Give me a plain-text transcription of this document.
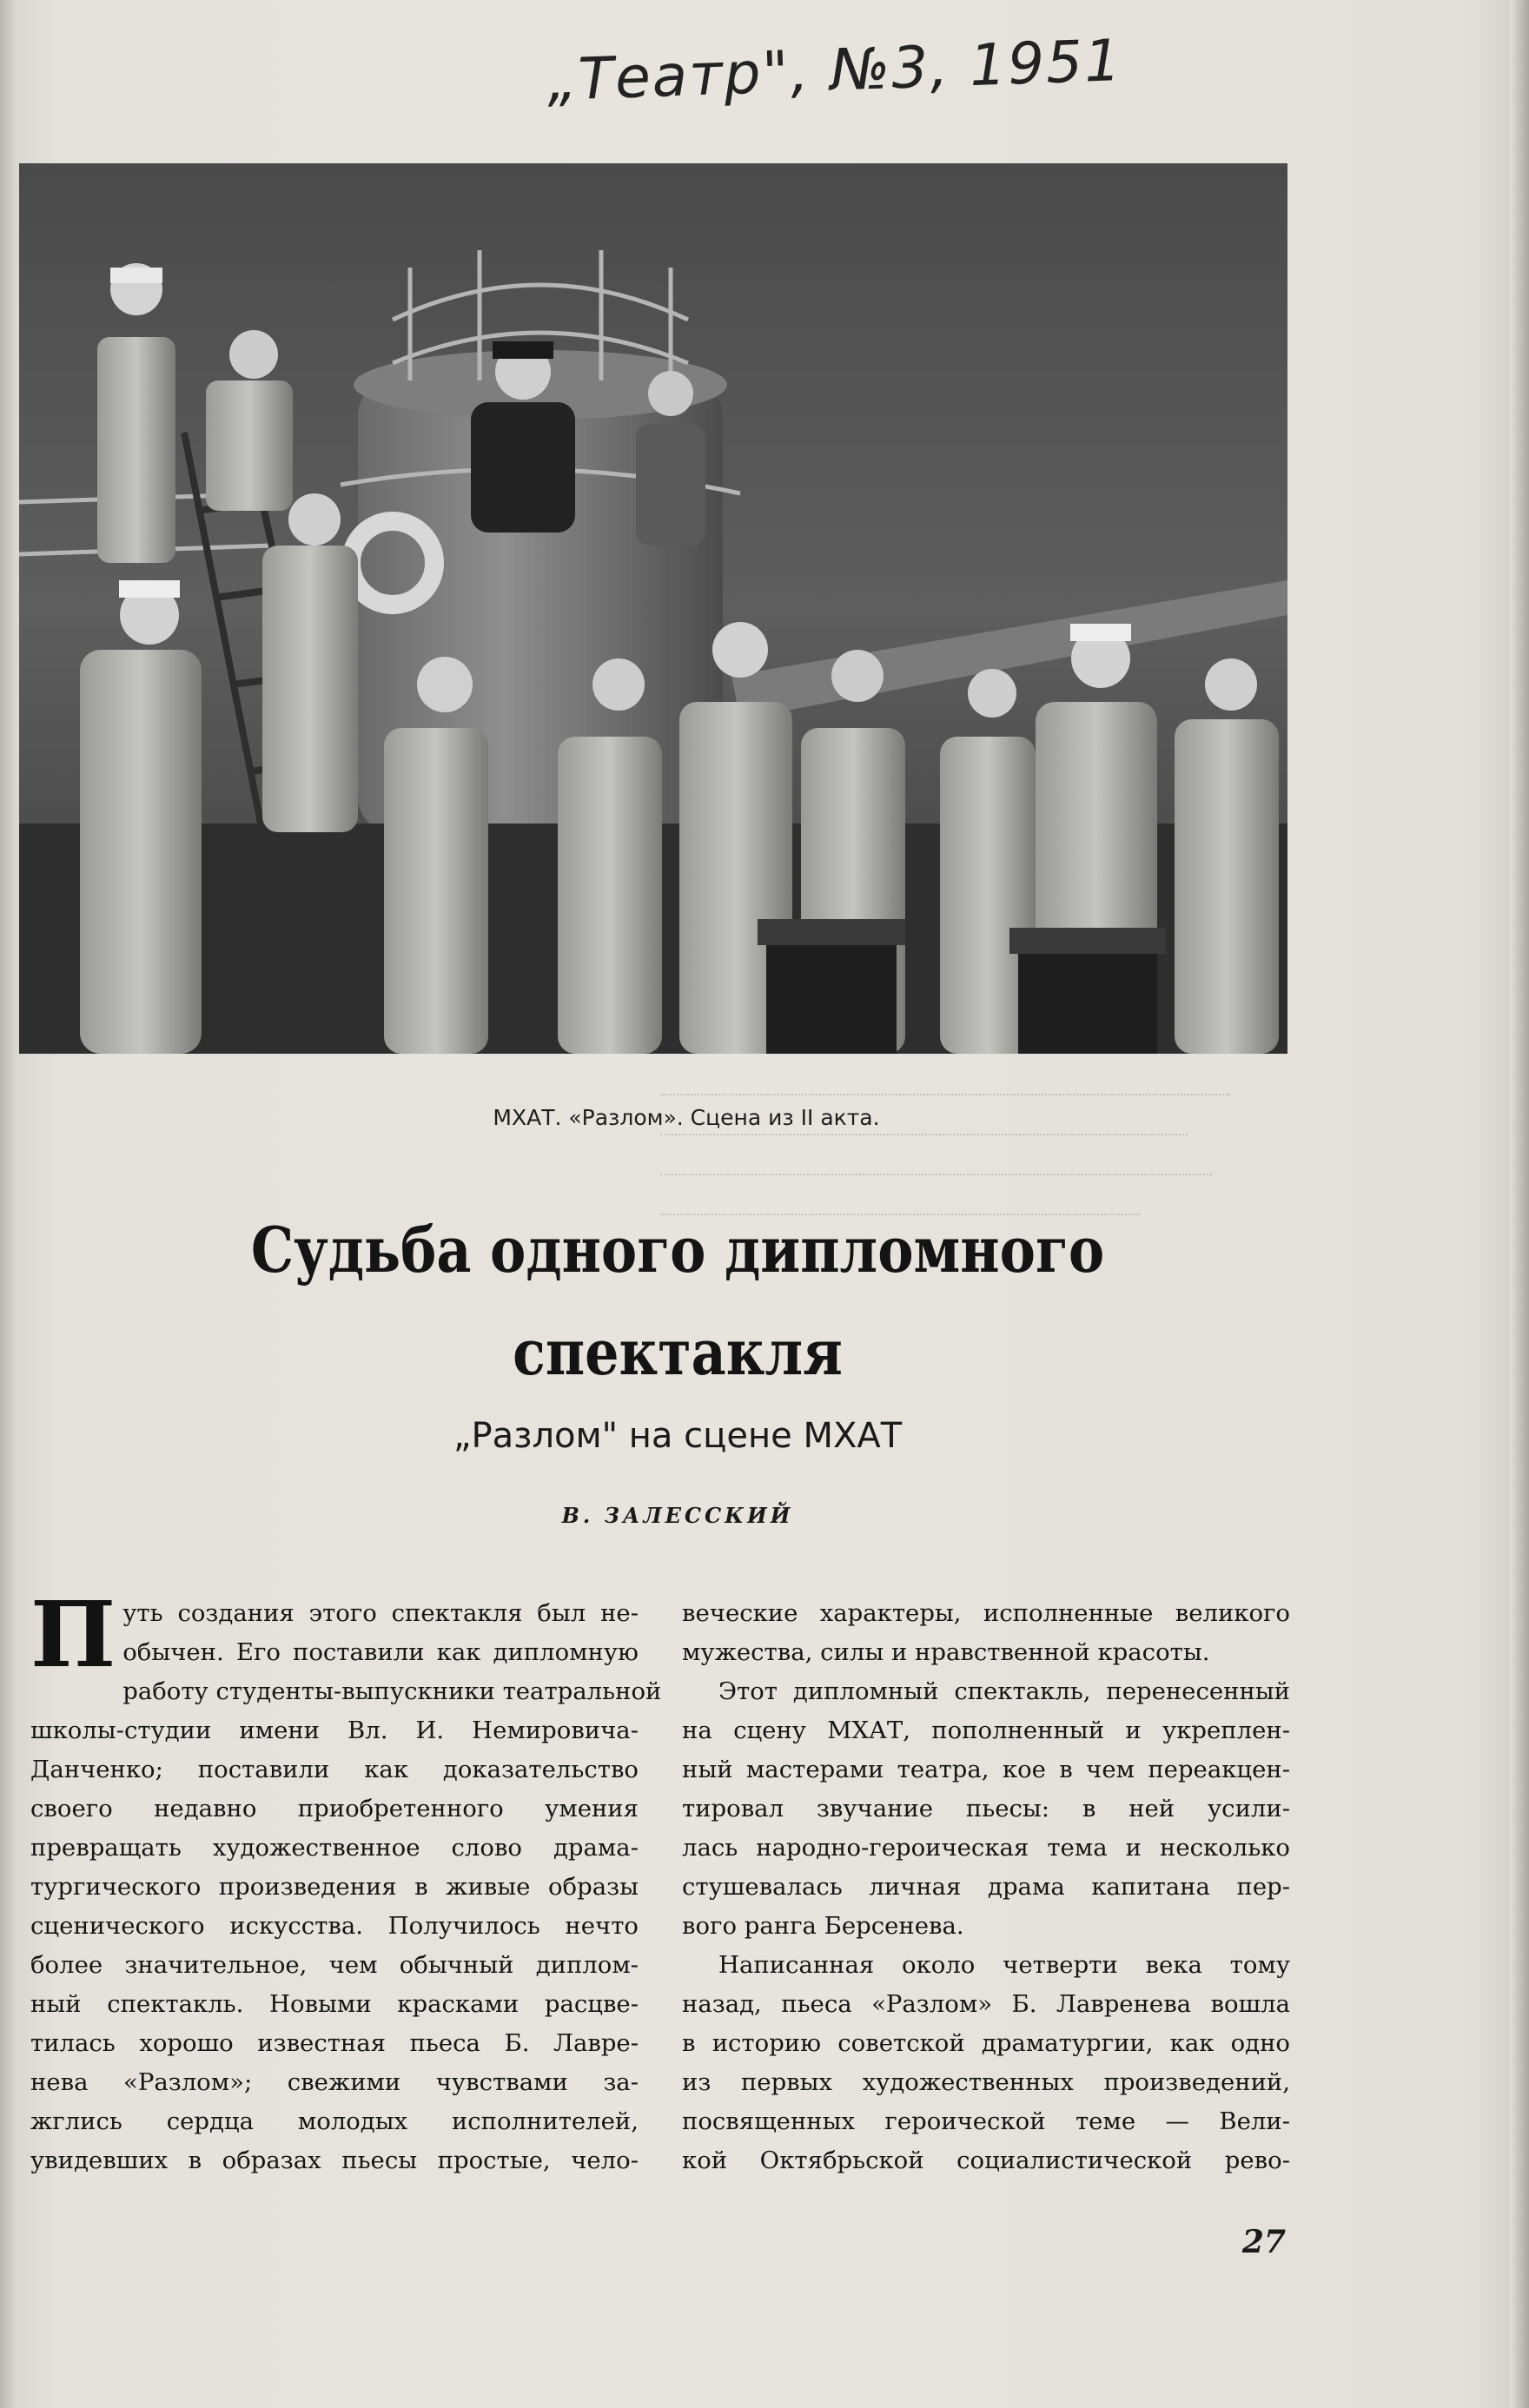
„Театр", №3, 1951
МХАТ. «Разлом». Сцена из II акта.
Судьба одного дипломного
спектакля
„Разлом" на сцене МХАТ
В. ЗАЛЕССКИЙ
П уть создания этого спектакля был не-
обычен. Его поставили как дипломную
работу студенты-выпускники театральной
школы-студии имени Вл. И. Немировича-
Данченко; поставили как доказательство
своего недавно приобретенного умения
превращать художественное слово драма-
тургического произведения в живые образы
сценического искусства. Получилось нечто
более значительное, чем обычный диплом-
ный спектакль. Новыми красками расцве-
тилась хорошо известная пьеса Б. Лавре-
нева «Разлом»; свежими чувствами за-
жглись сердца молодых исполнителей,
увидевших в образах пьесы простые, чело-
веческие характеры, исполненные великого
мужества, силы и нравственной красоты.
Этот дипломный спектакль, перенесенный
на сцену МХАТ, пополненный и укреплен-
ный мастерами театра, кое в чем переакцен-
тировал звучание пьесы: в ней усили-
лась народно-героическая тема и несколько
стушевалась личная драма капитана пер-
вого ранга Берсенева.
Написанная около четверти века тому
назад, пьеса «Разлом» Б. Лавренева вошла
в историю советской драматургии, как одно
из первых художественных произведений,
посвященных героической теме — Вели-
кой Октябрьской социалистической рево-
27
